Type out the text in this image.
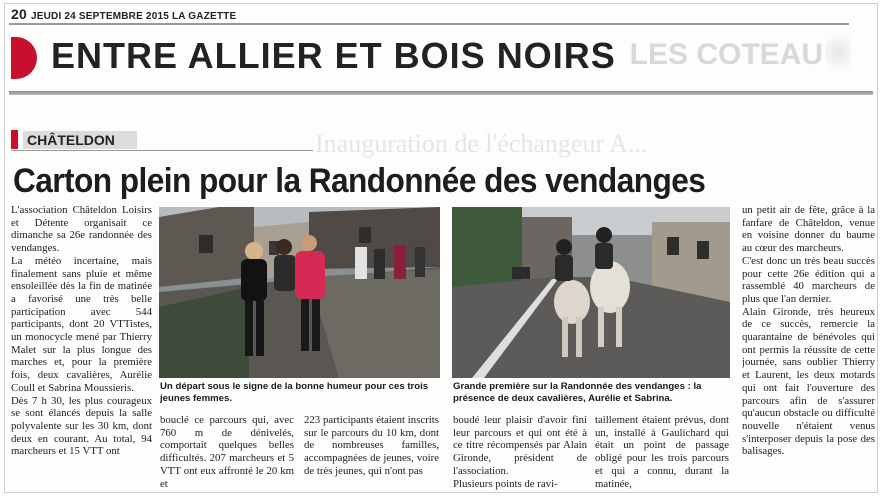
20 JEUDI 24 SEPTEMBRE 2015 LA GAZETTE
ENTRE ALLIER ET BOIS NOIRS LES COTEAU
CHÂTELDON	Inauguration de l'échangeur A...
Carton plein pour la Randonnée des vendanges
L'association Châteldon Loisirs et Détente organisait ce dimanche sa 26e randonnée des vendanges.
La météo incertaine, mais finalement sans pluie et même ensoleillée dès la fin de matinée a favorisé une très belle participation avec 544 participants, dont 20 VTTistes, un monocycle mené par Thierry Malet sur la plus longue des marches et, pour la première fois, deux cavalières, Aurélie Coull et Sabrina Moussieris.
Dès 7 h 30, les plus courageux se sont élancés depuis la salle polyvalente sur les 30 km, dont deux en courant. Au total, 94 marcheurs et 15 VTT ont
Un départ sous le signe de la bonne humeur pour ces trois jeunes femmes.
Grande première sur la Randonnée des vendanges : la présence de deux cavalières, Aurélie et Sabrina.
bouclé ce parcours qui, avec 760 m de dénivelés, comportait quelques belles difficultés. 207 marcheurs et 5 VTT ont eux affronté le 20 km et
223 participants étaient inscrits sur le parcours du 10 km, dont de nombreuses familles, accompagnées de jeunes, voire de très jeunes, qui n'ont pas
boudé leur plaisir d'avoir fini leur parcours et qui ont été à ce titre récompensés par Alain Gironde, président de l'association.
Plusieurs points de ravi-
taillement étaient prévus, dont un, installé à Gaulichard qui était un point de passage obligé pour les trois parcours et qui a connu, durant la matinée,
un petit air de fête, grâce à la fanfare de Châteldon, venue en voisine donner du baume au cœur des marcheurs.
C'est donc un très beau succès pour cette 26e édition qui a rassemblé 40 marcheurs de plus que l'an dernier.
Alain Gironde, très heureux de ce succès, remercie la quarantaine de bénévoles qui ont permis la réussite de cette journée, sans oublier Thierry et Laurent, les deux motards qui ont fait l'ouverture des parcours afin de s'assurer qu'aucun obstacle ou difficulté nouvelle n'étaient venus s'interposer depuis la pose des balisages.
